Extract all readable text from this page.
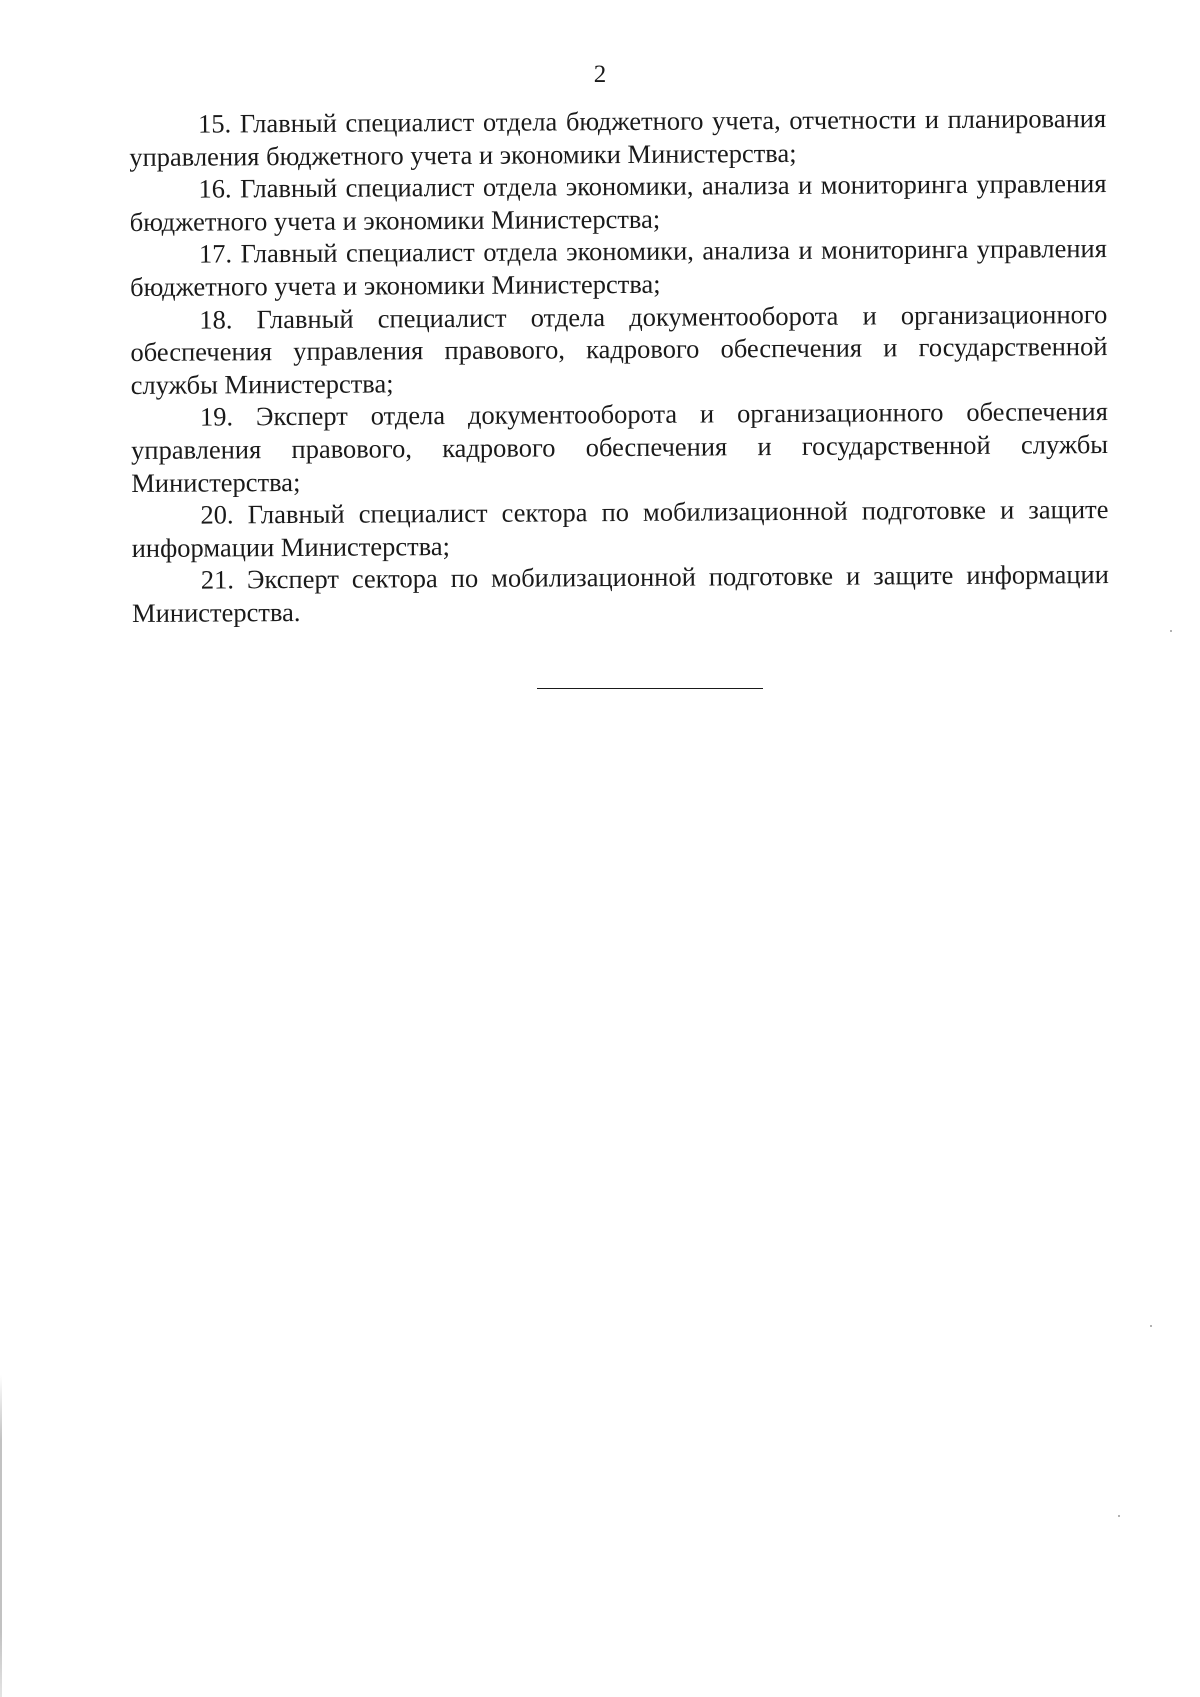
2

15. Главный специалист отдела бюджетного учета, отчетности и планирования управления бюджетного учета и экономики Министерства;

16. Главный специалист отдела экономики, анализа и мониторинга управления бюджетного учета и экономики Министерства;

17. Главный специалист отдела экономики, анализа и мониторинга управления бюджетного учета и экономики Министерства;

18. Главный специалист отдела документооборота и организационного обеспечения управления правового, кадрового обеспечения и государственной службы Министерства;

19. Эксперт отдела документооборота и организационного обеспечения управления правового, кадрового обеспечения и государственной службы Министерства;

20. Главный специалист сектора по мобилизационной подготовке и защите информации Министерства;

21. Эксперт сектора по мобилизационной подготовке и защите информации Министерства.
